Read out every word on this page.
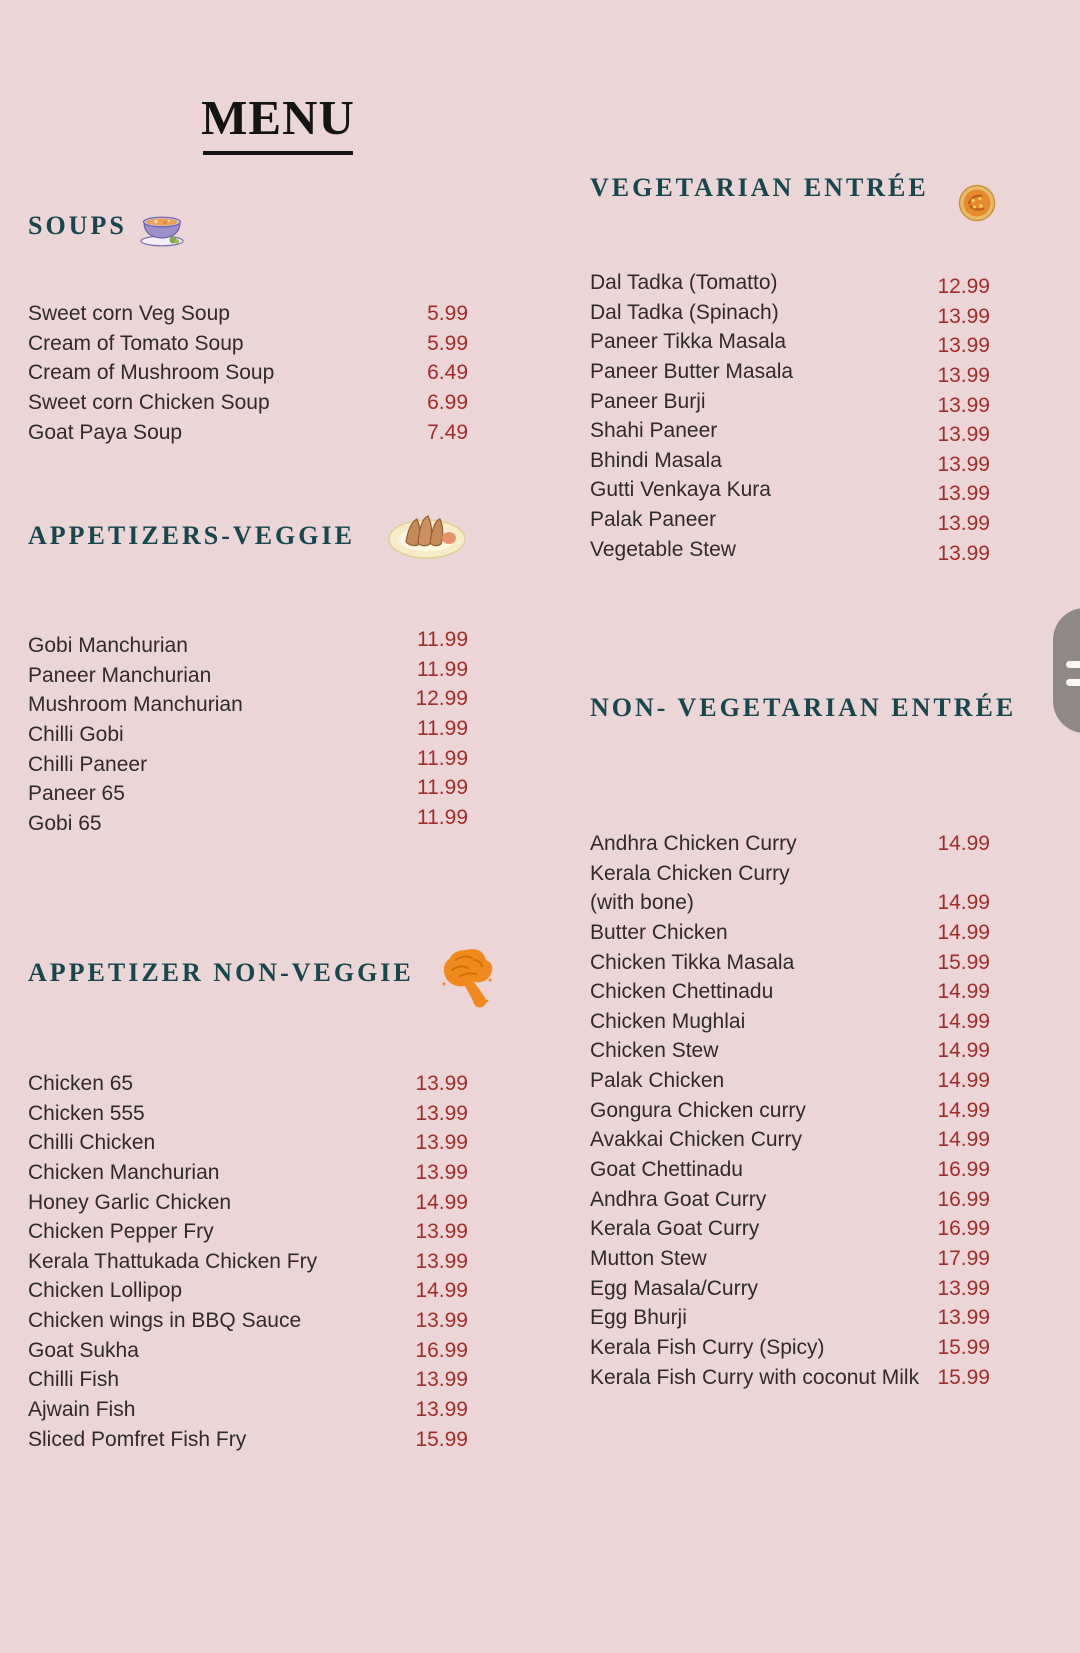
MENU
SOUPS
Sweet corn Veg Soup	5.99
Cream of Tomato Soup	5.99
Cream of Mushroom Soup	6.49
Sweet corn Chicken Soup	6.99
Goat Paya Soup	7.49
APPETIZERS-VEGGIE
Gobi Manchurian	11.99
Paneer Manchurian	11.99
Mushroom Manchurian	12.99
Chilli Gobi	11.99
Chilli Paneer	11.99
Paneer 65	11.99
Gobi 65	11.99
APPETIZER NON-VEGGIE
Chicken 65	13.99
Chicken 555	13.99
Chilli Chicken	13.99
Chicken Manchurian	13.99
Honey Garlic Chicken	14.99
Chicken Pepper Fry	13.99
Kerala Thattukada Chicken Fry	13.99
Chicken Lollipop	14.99
Chicken wings in BBQ Sauce	13.99
Goat Sukha	16.99
Chilli Fish	13.99
Ajwain Fish	13.99
Sliced Pomfret Fish Fry	15.99
VEGETARIAN ENTRÉE
Dal Tadka (Tomatto)	12.99
Dal Tadka (Spinach)	13.99
Paneer Tikka Masala	13.99
Paneer Butter Masala	13.99
Paneer Burji	13.99
Shahi Paneer	13.99
Bhindi Masala	13.99
Gutti Venkaya Kura	13.99
Palak Paneer	13.99
Vegetable Stew	13.99
NON- VEGETARIAN ENTRÉE
Andhra Chicken Curry	14.99
Kerala Chicken Curry
(with bone)	14.99
Butter Chicken	14.99
Chicken Tikka Masala	15.99
Chicken Chettinadu	14.99
Chicken Mughlai	14.99
Chicken Stew	14.99
Palak Chicken	14.99
Gongura Chicken curry	14.99
Avakkai Chicken Curry	14.99
Goat Chettinadu	16.99
Andhra Goat Curry	16.99
Kerala Goat Curry	16.99
Mutton Stew	17.99
Egg Masala/Curry	13.99
Egg Bhurji	13.99
Kerala Fish Curry (Spicy)	15.99
Kerala Fish Curry with coconut Milk 15.99
